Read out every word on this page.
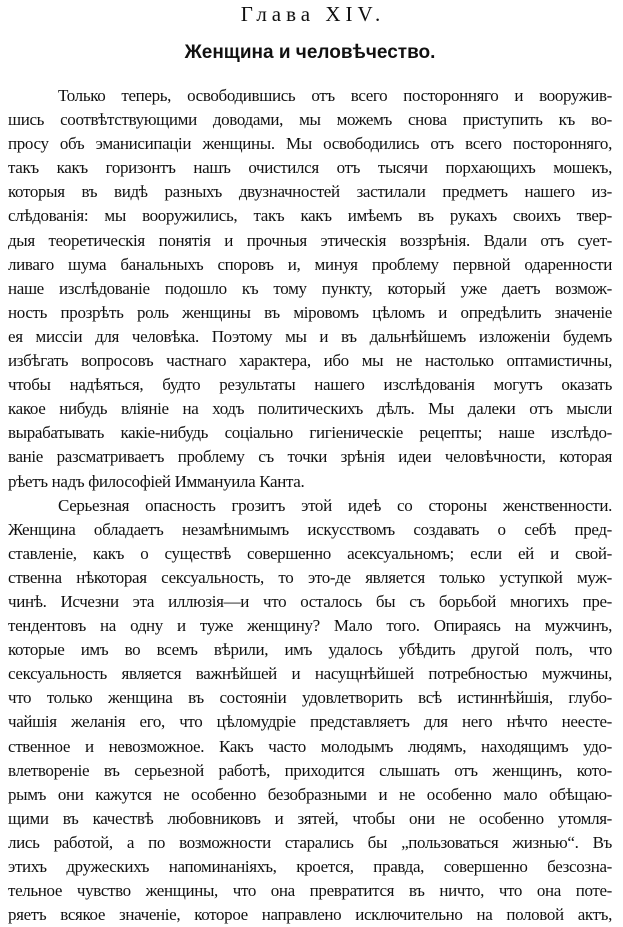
Глава XIV.
Женщина и человѣчество.
Только теперь, освободившись отъ всего посторонняго и вооружив-
шись соотвѣтствующими доводами, мы можемъ снова приступить къ во-
просу объ эманисипацiи женщины. Мы освободились отъ всего посторонняго,
такъ какъ горизонтъ нашъ очистился отъ тысячи порхающихъ мошекъ,
которыя въ видѣ разныхъ двузначностей застилали предметъ нашего из-
слѣдованiя: мы вооружились, такъ какъ имѣемъ въ рукахъ своихъ твер-
дыя теоретическiя понятiя и прочныя этическiя воззрѣнiя. Вдали отъ сует-
ливаго шума банальныхъ споровъ и, минуя проблему первной одаренности
наше изслѣдованiе подошло къ тому пункту, который уже даетъ возмож-
ность прозрѣть роль женщины въ мiровомъ цѣломъ и опредѣлить значенiе
ея миссiи для человѣка. Поэтому мы и въ дальнѣйшемъ изложенiи будемъ
избѣгать вопросовъ частнаго характера, ибо мы не настолько оптамистичны,
чтобы надѣяться, будто результаты нашего изслѣдованiя могутъ оказать
какое нибудь влiянiе на ходъ политическихъ дѣлъ. Мы далеки отъ мысли
вырабатывать какiе-нибудь соцiально гигiеническiе рецепты; наше изслѣдо-
ванiе разсматриваетъ проблему съ точки зрѣнiя идеи человѣчности, которая
рѣетъ надъ философiей Иммануила Канта.
Серьезная опасность грозитъ этой идеѣ со стороны женственности.
Женщина обладаетъ незамѣнимымъ искусствомъ создавать о себѣ пред-
ставленiе, какъ о существѣ совершенно асексуальномъ; если ей и свой-
ственна нѣкоторая сексуальность, то это-де является только уступкой муж-
чинѣ. Исчезни эта иллюзiя—и что осталось бы съ борьбой многихъ пре-
тендентовъ на одну и туже женщину? Мало того. Опираясь на мужчинъ,
которые имъ во всемъ вѣрили, имъ удалось убѣдить другой полъ, что
сексуальность является важнѣйшей и насущнѣйшей потребностью мужчины,
что только женщина въ состоянiи удовлетворить всѣ истиннѣйшiя, глубо-
чайшiя желанiя его, что цѣломудрiе представляетъ для него нѣчто неесте-
ственное и невозможное. Какъ часто молодымъ людямъ, находящимъ удо-
влетворенiе въ серьезной работѣ, приходится слышать отъ женщинъ, кото-
рымъ они кажутся не особенно безобразными и не особенно мало обѣщаю-
щими въ качествѣ любовниковъ и зятей, чтобы они не особенно утомля-
лись работой, а по возможности старались бы „пользоваться жизнью“. Въ
этихъ дружескихъ напоминанiяхъ, кроется, правда, совершенно безсозна-
тельное чувство женщины, что она превратится въ ничто, что она поте-
ряетъ всякое значенiе, которое направлено исключительно на половой актъ,
